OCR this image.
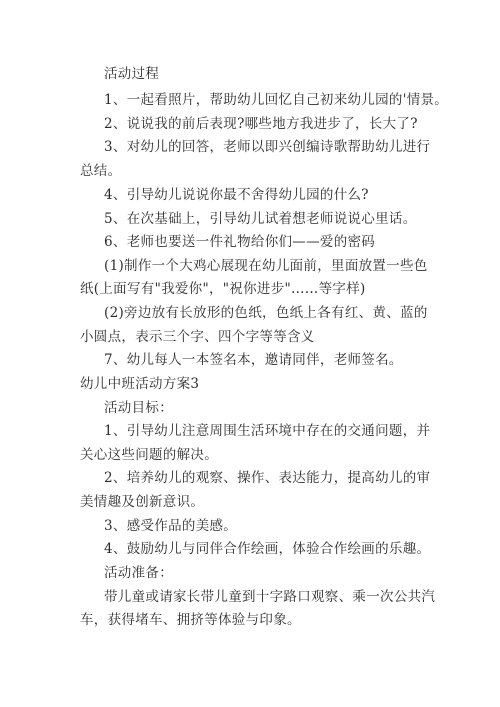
活动过程
1、一起看照片，帮助幼儿回忆自己初来幼儿园的'情景。
2、说说我的前后表现?哪些地方我进步了，长大了?
3、对幼儿的回答，老师以即兴创编诗歌帮助幼儿进行
总结。
4、引导幼儿说说你最不舍得幼儿园的什么?
5、在次基础上，引导幼儿试着想老师说说心里话。
6、老师也要送一件礼物给你们——爱的密码
(1)制作一个大鸡心展现在幼儿面前，里面放置一些色
纸(上面写有"我爱你"，"祝你进步"……等字样)
(2)旁边放有长放形的色纸，色纸上各有红、黄、蓝的
小圆点，表示三个字、四个字等等含义
7、幼儿每人一本签名本，邀请同伴，老师签名。
幼儿中班活动方案3
活动目标：
1、引导幼儿注意周围生活环境中存在的交通问题，并
关心这些问题的解决。
2、培养幼儿的观察、操作、表达能力，提高幼儿的审
美情趣及创新意识。
3、感受作品的美感。
4、鼓励幼儿与同伴合作绘画，体验合作绘画的乐趣。
活动准备：
带儿童或请家长带儿童到十字路口观察、乘一次公共汽
车，获得堵车、拥挤等体验与印象。
